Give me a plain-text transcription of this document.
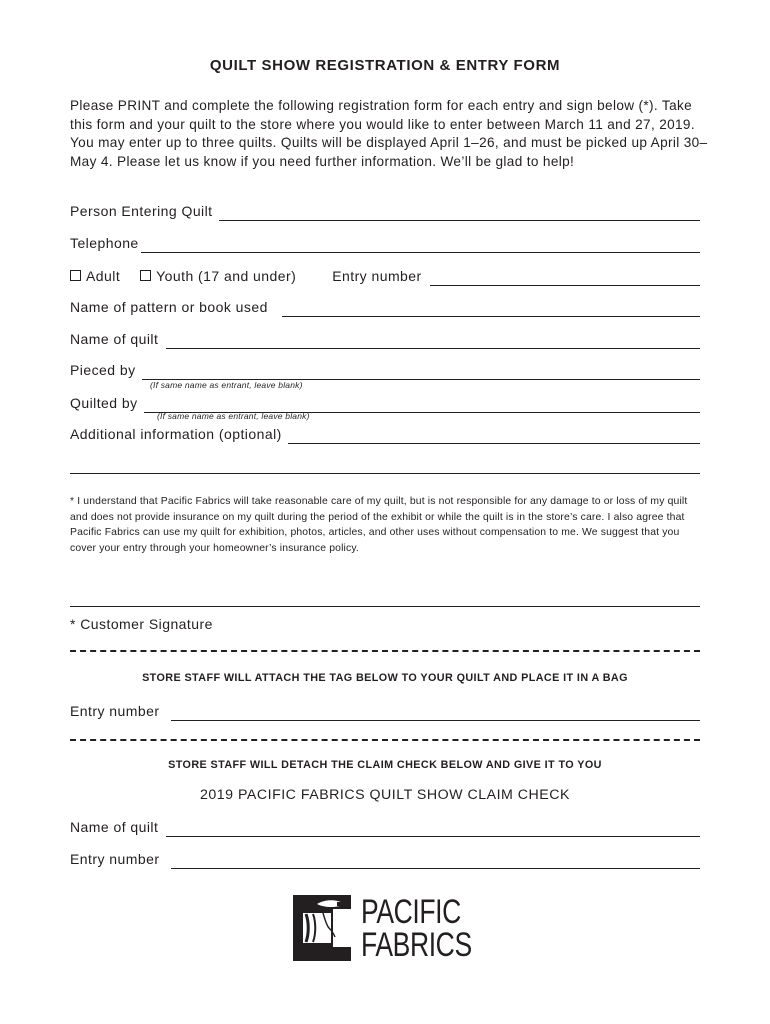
QUILT SHOW REGISTRATION & ENTRY FORM
Please PRINT and complete the following registration form for each entry and sign below (*). Take this form and your quilt to the store where you would like to enter between March 11 and 27, 2019. You may enter up to three quilts. Quilts will be displayed April 1–26, and must be picked up April 30–May 4. Please let us know if you need further information. We’ll be glad to help!
Person Entering Quilt
Telephone
Adult	Youth (17 and under)	Entry number
Name of pattern or book used
Name of quilt
Pieced by
(If same name as entrant, leave blank)
Quilted by
(If same name as entrant, leave blank)
Additional information (optional)
* I understand that Pacific Fabrics will take reasonable care of my quilt, but is not responsible for any damage to or loss of my quilt and does not provide insurance on my quilt during the period of the exhibit or while the quilt is in the store’s care. I also agree that Pacific Fabrics can use my quilt for exhibition, photos, articles, and other uses without compensation to me. We suggest that you cover your entry through your homeowner’s insurance policy.
* Customer Signature
STORE STAFF WILL ATTACH THE TAG BELOW TO YOUR QUILT AND PLACE IT IN A BAG
Entry number
STORE STAFF WILL DETACH THE CLAIM CHECK BELOW AND GIVE IT TO YOU
2019 PACIFIC FABRICS QUILT SHOW CLAIM CHECK
Name of quilt
Entry number
PACIFIC
FABRICS
